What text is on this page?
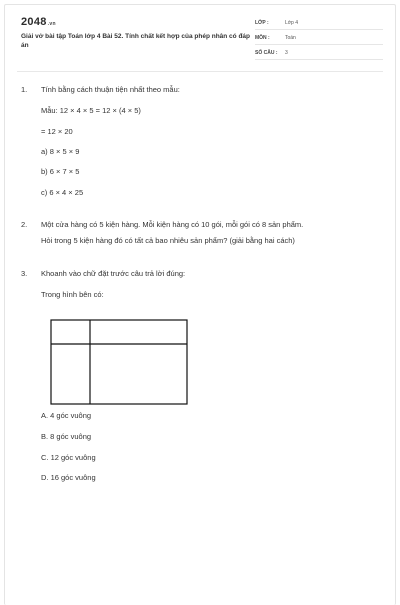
2048.vn
Giải vở bài tập Toán lớp 4 Bài 52. Tính chất kết hợp của phép nhân có đáp án
LỚP :	Lớp 4
MÔN :	Toán
SỐ CÂU : 3
1. Tính bằng cách thuận tiện nhất theo mẫu:
Mẫu: 12 × 4 × 5 = 12 × (4 × 5)
= 12 × 20
a) 8 × 5 × 9
b) 6 × 7 × 5
c) 6 × 4 × 25
2. Một cửa hàng có 5 kiện hàng. Mỗi kiện hàng có 10 gói, mỗi gói có 8 sản phẩm.
Hỏi trong 5 kiện hàng đó có tất cả bao nhiêu sản phẩm? (giải bằng hai cách)
3. Khoanh vào chữ đặt trước câu trả lời đúng:
Trong hình bên có:
A. 4 góc vuông
B. 8 góc vuông
C. 12 góc vuông
D. 16 góc vuông
